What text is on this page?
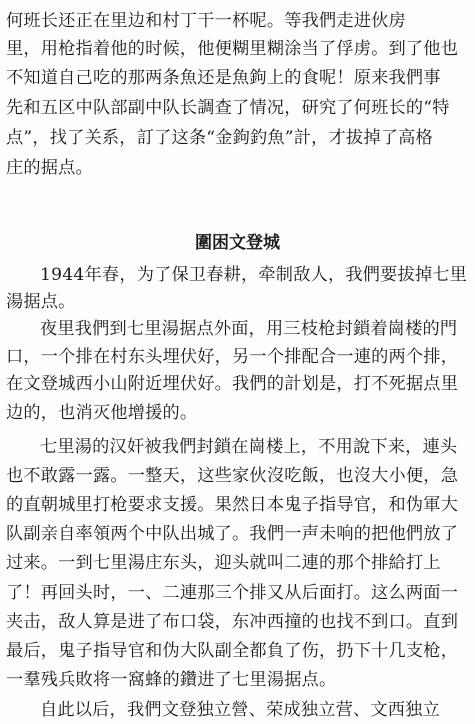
何班长还正在里边和村丁干一杯呢。等我們走进伙房
里，用枪指着他的时候，他便糊里糊涂当了俘虏。到了他也
不知道自己吃的那两条魚还是魚鉤上的食呢！原来我們事
先和五区中队部副中队长調查了情况，研究了何班长的“特
点”，找了关系，訂了这条“金鉤釣魚”計，才拔掉了高格
庄的据点。
圍困文登城
1944年春，为了保卫春耕，牵制敌人，我們要拔掉七里
湯据点。
夜里我們到七里湯据点外面，用三枝枪封鎖着崗楼的門
口，一个排在村东头埋伏好，另一个排配合一連的两个排，
在文登城西小山附近埋伏好。我們的計划是，打不死据点里
边的，也消灭他增援的。
七里湯的汉奸被我們封鎖在崗楼上，不用說下来，連头
也不敢露一露。一整天，这些家伙沒吃飯，也沒大小便，急
的直朝城里打枪要求支援。果然日本鬼子指导官，和伪軍大
队副亲自率領两个中队出城了。我們一声未响的把他們放了
过来。一到七里湯庄东头，迎头就叫二連的那个排給打上
了！再回头时，一、二連那三个排又从后面打。这么两面一
夹击，敌人算是进了布口袋，东冲西撞的也找不到口。直到
最后，鬼子指导官和伪大队副全都負了伤，扔下十几支枪，
一羣残兵敗将一窩蜂的鑽进了七里湯据点。
自此以后，我們文登独立營、荣成独立营、文西独立
